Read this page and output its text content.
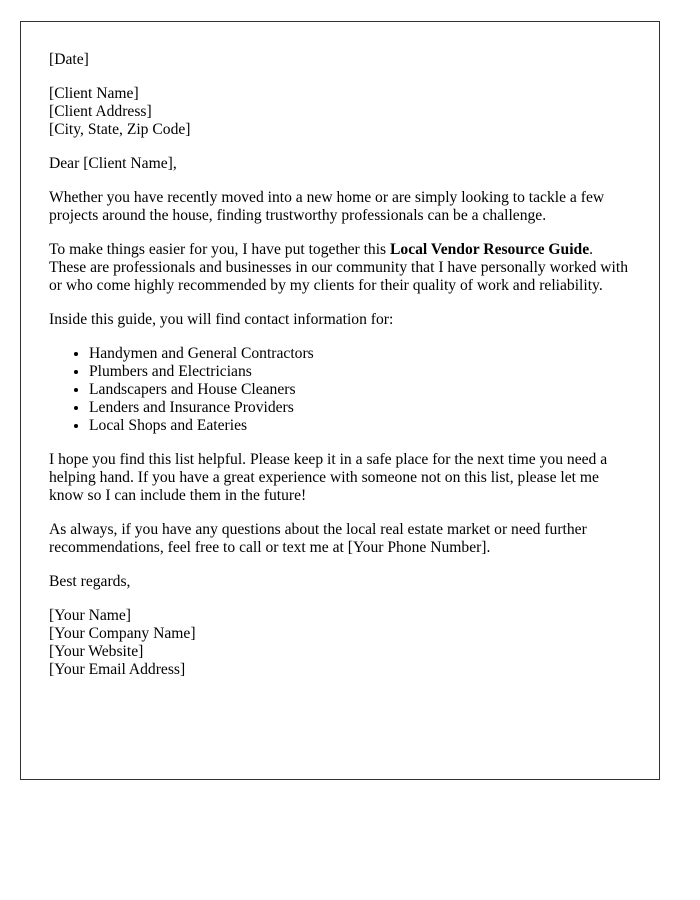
[Date]

[Client Name]
[Client Address]
[City, State, Zip Code]

Dear [Client Name],

Whether you have recently moved into a new home or are simply looking to tackle a few projects around the house, finding trustworthy professionals can be a challenge.

To make things easier for you, I have put together this Local Vendor Resource Guide. These are professionals and businesses in our community that I have personally worked with or who come highly recommended by my clients for their quality of work and reliability.

Inside this guide, you will find contact information for:

• Handymen and General Contractors
• Plumbers and Electricians
• Landscapers and House Cleaners
• Lenders and Insurance Providers
• Local Shops and Eateries

I hope you find this list helpful. Please keep it in a safe place for the next time you need a helping hand. If you have a great experience with someone not on this list, please let me know so I can include them in the future!

As always, if you have any questions about the local real estate market or need further recommendations, feel free to call or text me at [Your Phone Number].

Best regards,

[Your Name]
[Your Company Name]
[Your Website]
[Your Email Address]
